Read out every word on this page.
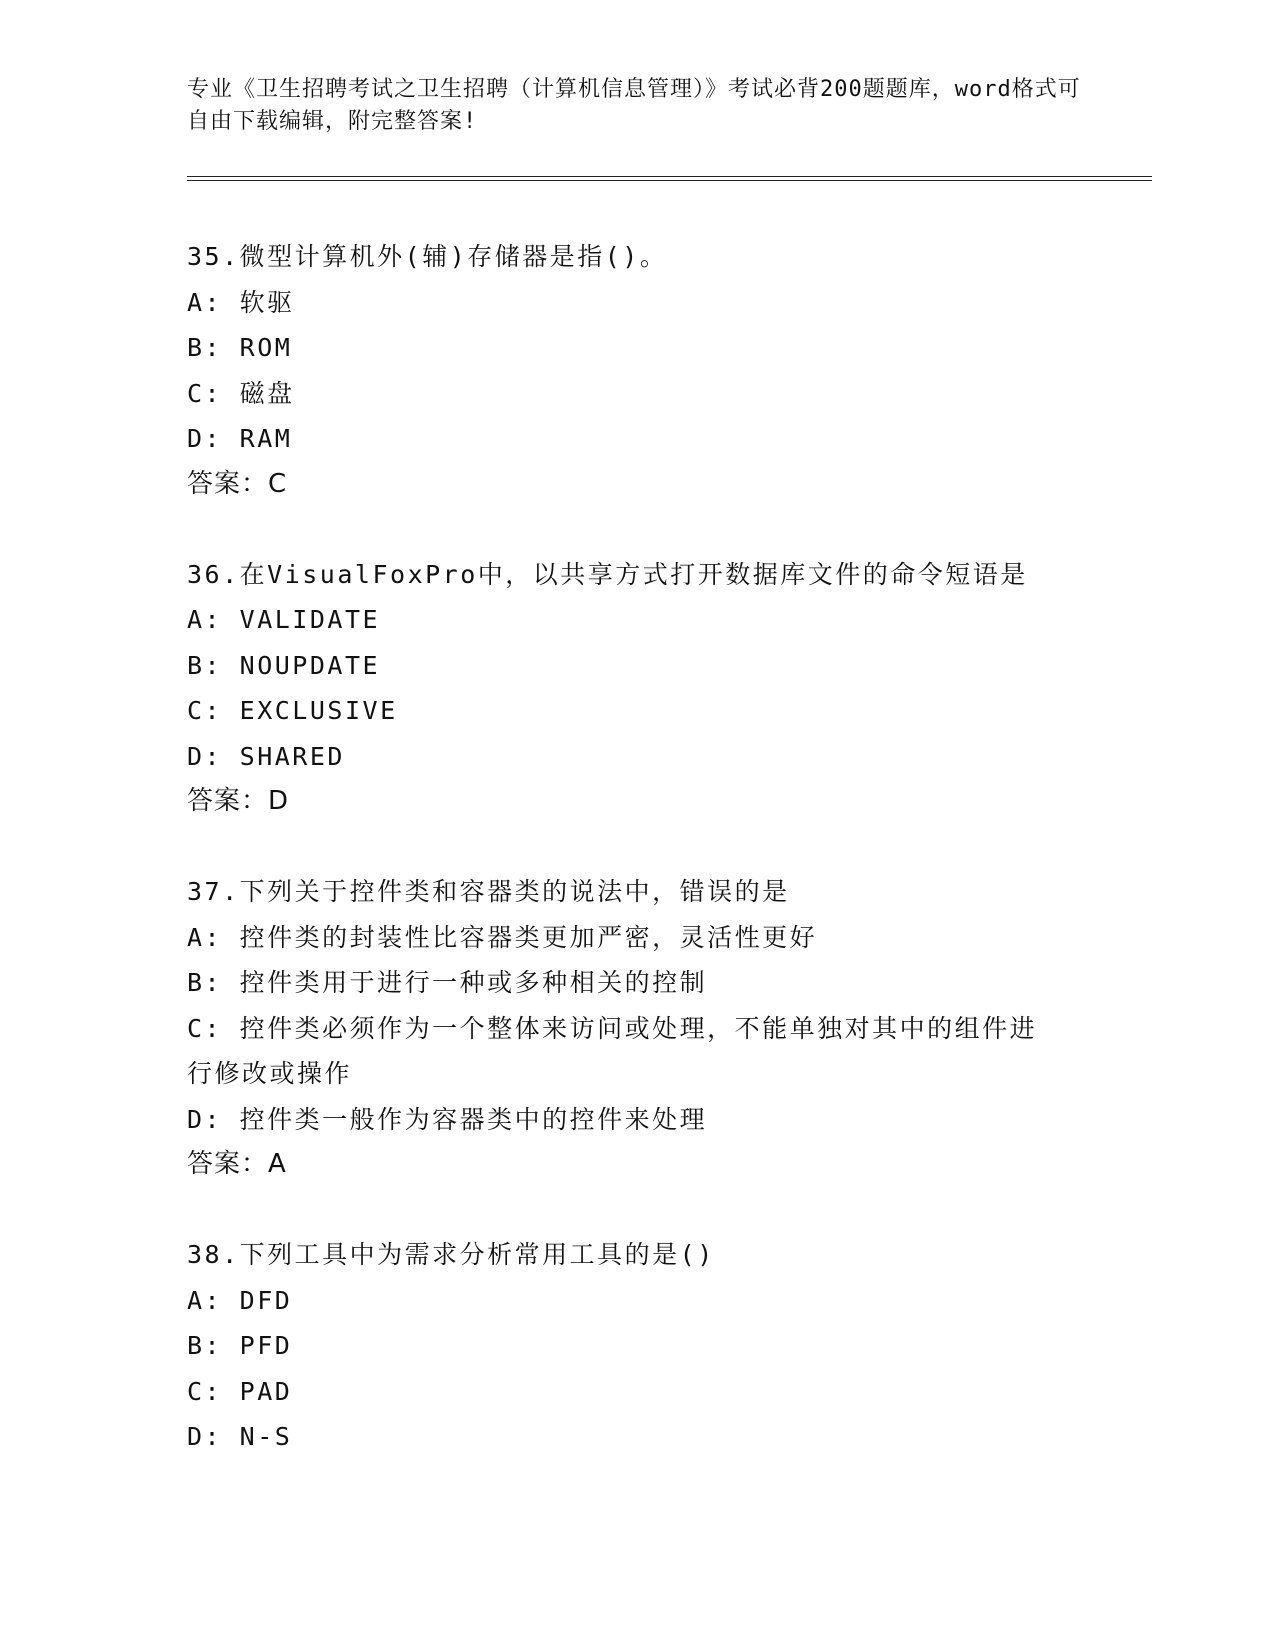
专业《卫生招聘考试之卫生招聘（计算机信息管理）》考试必背200题题库，word格式可自由下载编辑，附完整答案!
35.微型计算机外(辅)存储器是指()。
A: 软驱
B: ROM
C: 磁盘
D: RAM
答案：C
36.在VisualFoxPro中，以共享方式打开数据库文件的命令短语是
A: VALIDATE
B: NOUPDATE
C: EXCLUSIVE
D: SHARED
答案：D
37.下列关于控件类和容器类的说法中，错误的是
A: 控件类的封装性比容器类更加严密，灵活性更好
B: 控件类用于进行一种或多种相关的控制
C: 控件类必须作为一个整体来访问或处理，不能单独对其中的组件进行修改或操作
D: 控件类一般作为容器类中的控件来处理
答案：A
38.下列工具中为需求分析常用工具的是()
A: DFD
B: PFD
C: PAD
D: N-S
